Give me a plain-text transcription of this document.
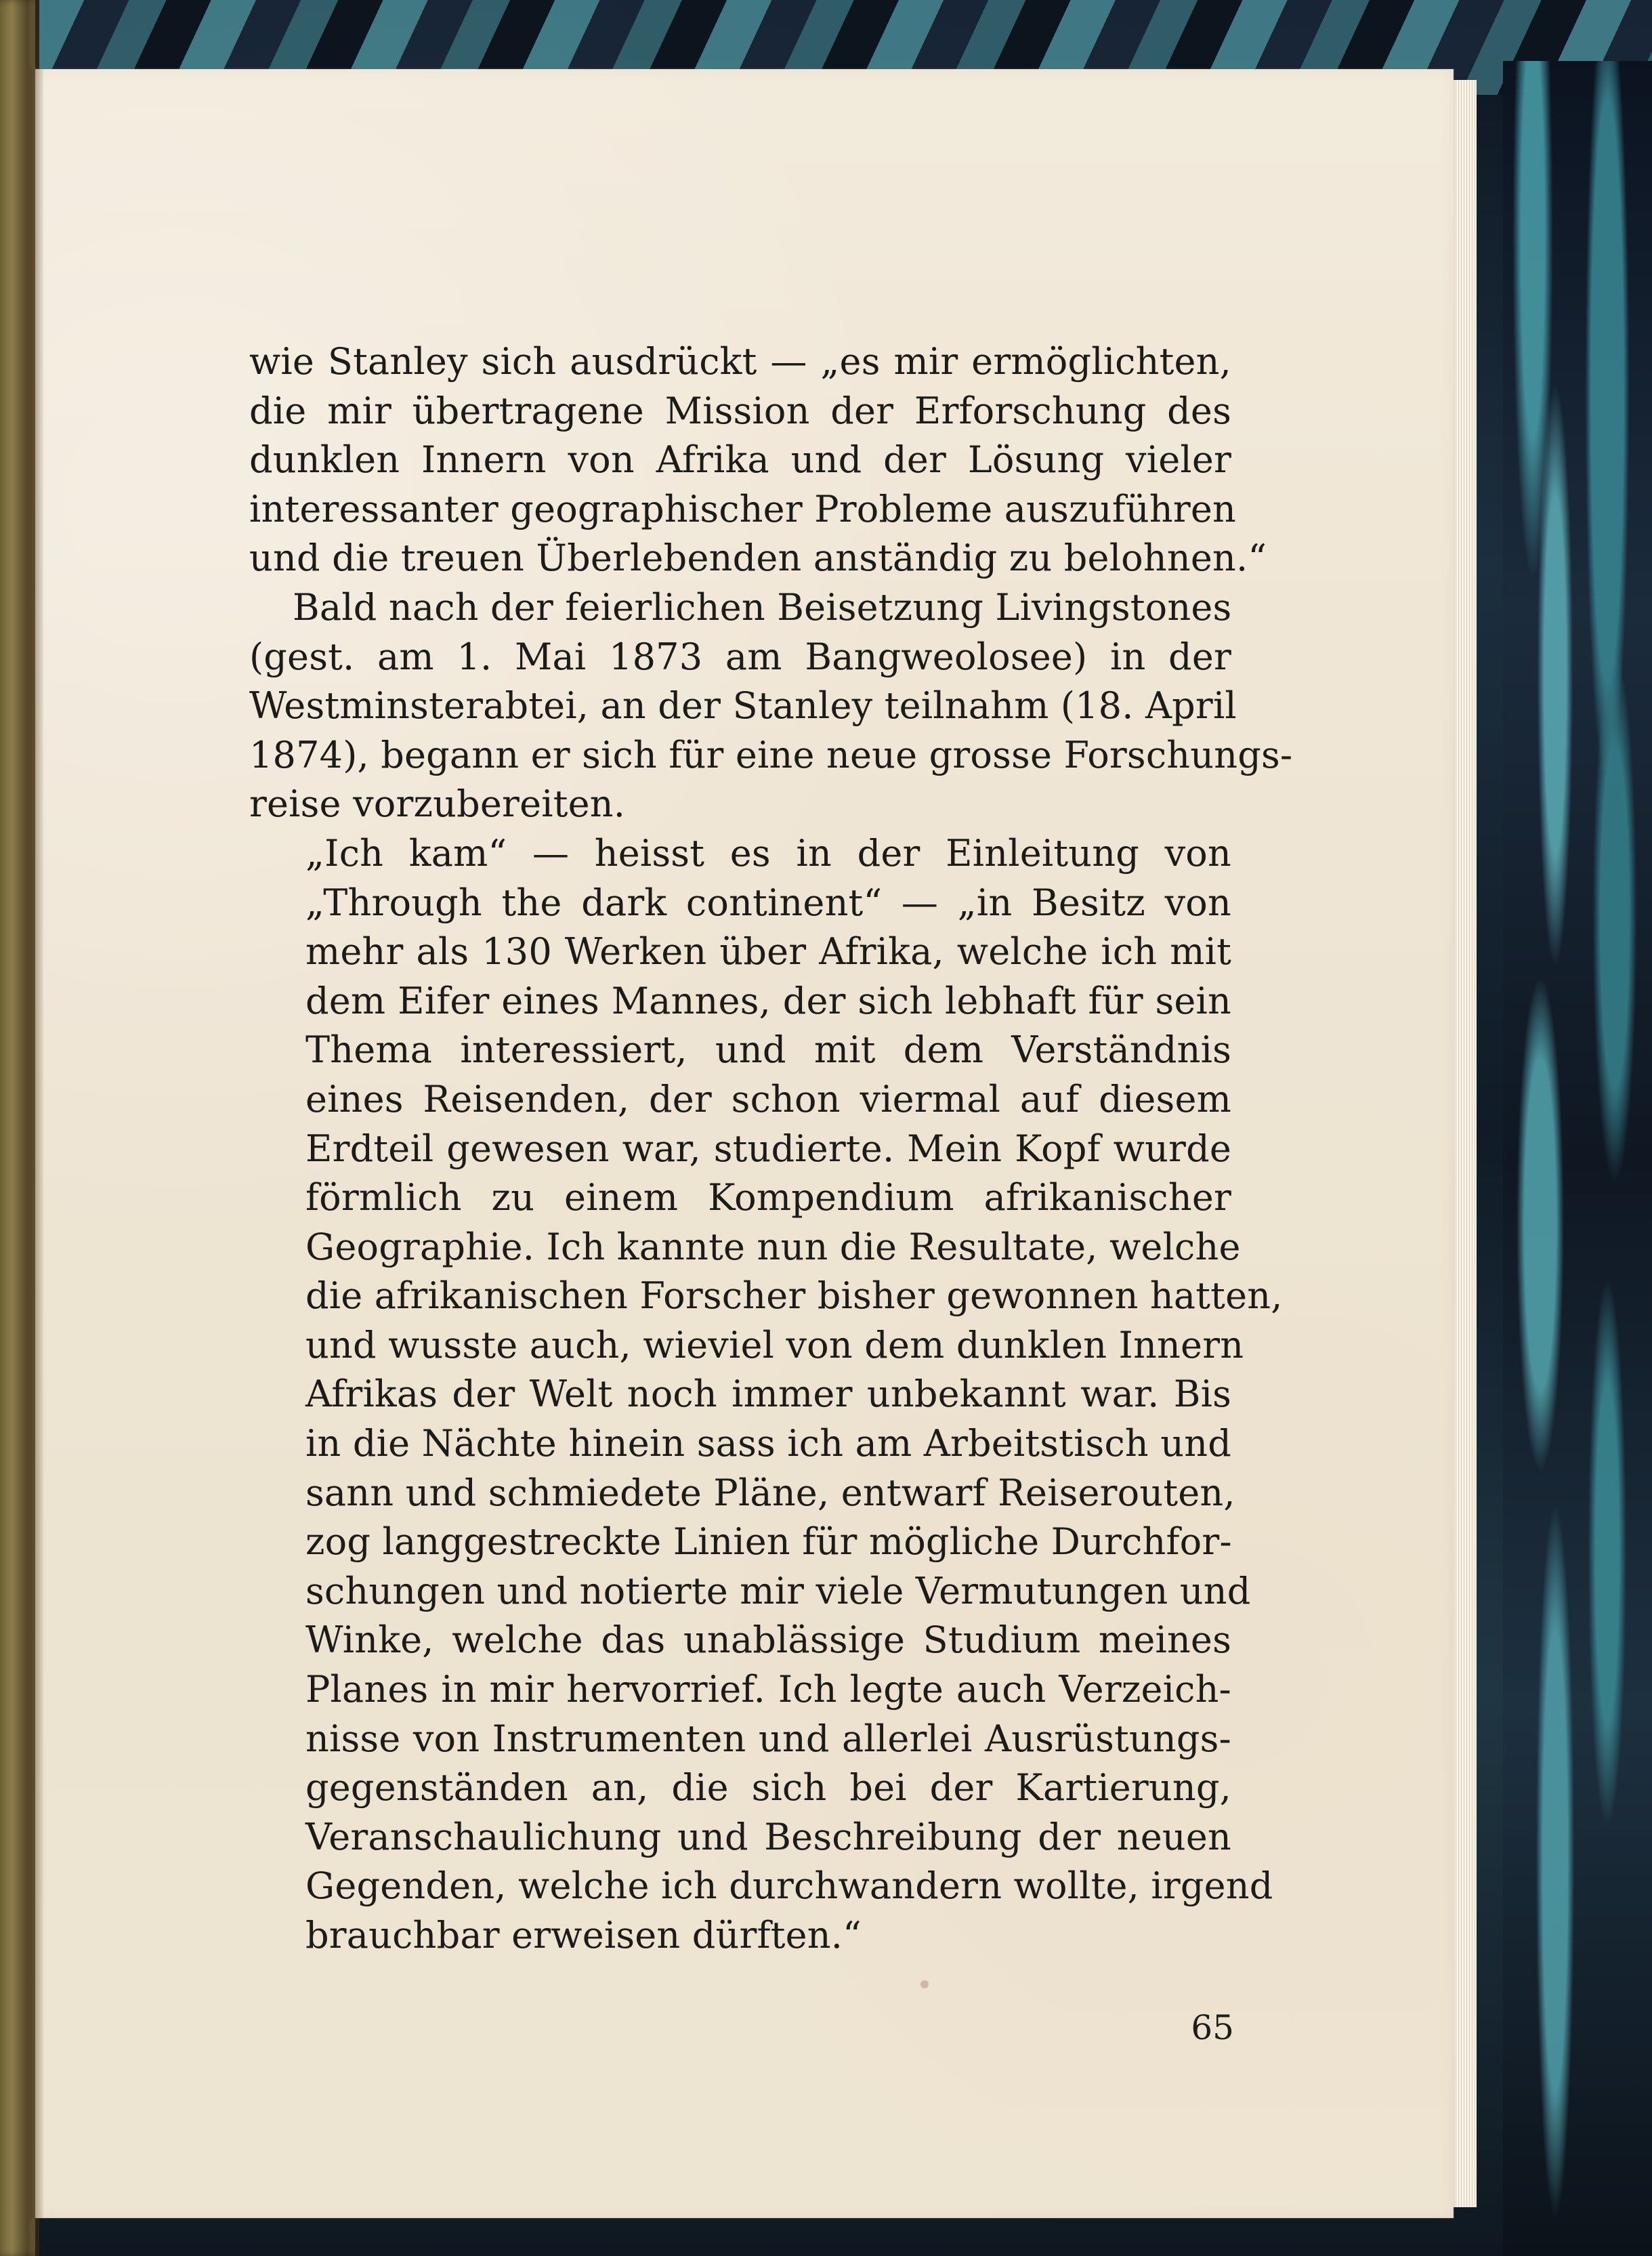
wie Stanley sich ausdrückt — „es mir ermöglichten,
die mir übertragene Mission der Erforschung des
dunklen Innern von Afrika und der Lösung vieler
interessanter geographischer Probleme auszuführen
und die treuen Überlebenden anständig zu belohnen.“
Bald nach der feierlichen Beisetzung Livingstones
(gest. am 1. Mai 1873 am Bangweolosee) in der
Westminsterabtei, an der Stanley teilnahm (18. April
1874), begann er sich für eine neue grosse Forschungs-
reise vorzubereiten.
„Ich kam“ — heisst es in der Einleitung von
„Through the dark continent“ — „in Besitz von
mehr als 130 Werken über Afrika, welche ich mit
dem Eifer eines Mannes, der sich lebhaft für sein
Thema interessiert, und mit dem Verständnis
eines Reisenden, der schon viermal auf diesem
Erdteil gewesen war, studierte. Mein Kopf wurde
förmlich zu einem Kompendium afrikanischer
Geographie. Ich kannte nun die Resultate, welche
die afrikanischen Forscher bisher gewonnen hatten,
und wusste auch, wieviel von dem dunklen Innern
Afrikas der Welt noch immer unbekannt war. Bis
in die Nächte hinein sass ich am Arbeitstisch und
sann und schmiedete Pläne, entwarf Reiserouten,
zog langgestreckte Linien für mögliche Durchfor-
schungen und notierte mir viele Vermutungen und
Winke, welche das unablässige Studium meines
Planes in mir hervorrief. Ich legte auch Verzeich-
nisse von Instrumenten und allerlei Ausrüstungs-
gegenständen an, die sich bei der Kartierung,
Veranschaulichung und Beschreibung der neuen
Gegenden, welche ich durchwandern wollte, irgend
brauchbar erweisen dürften.“
65
